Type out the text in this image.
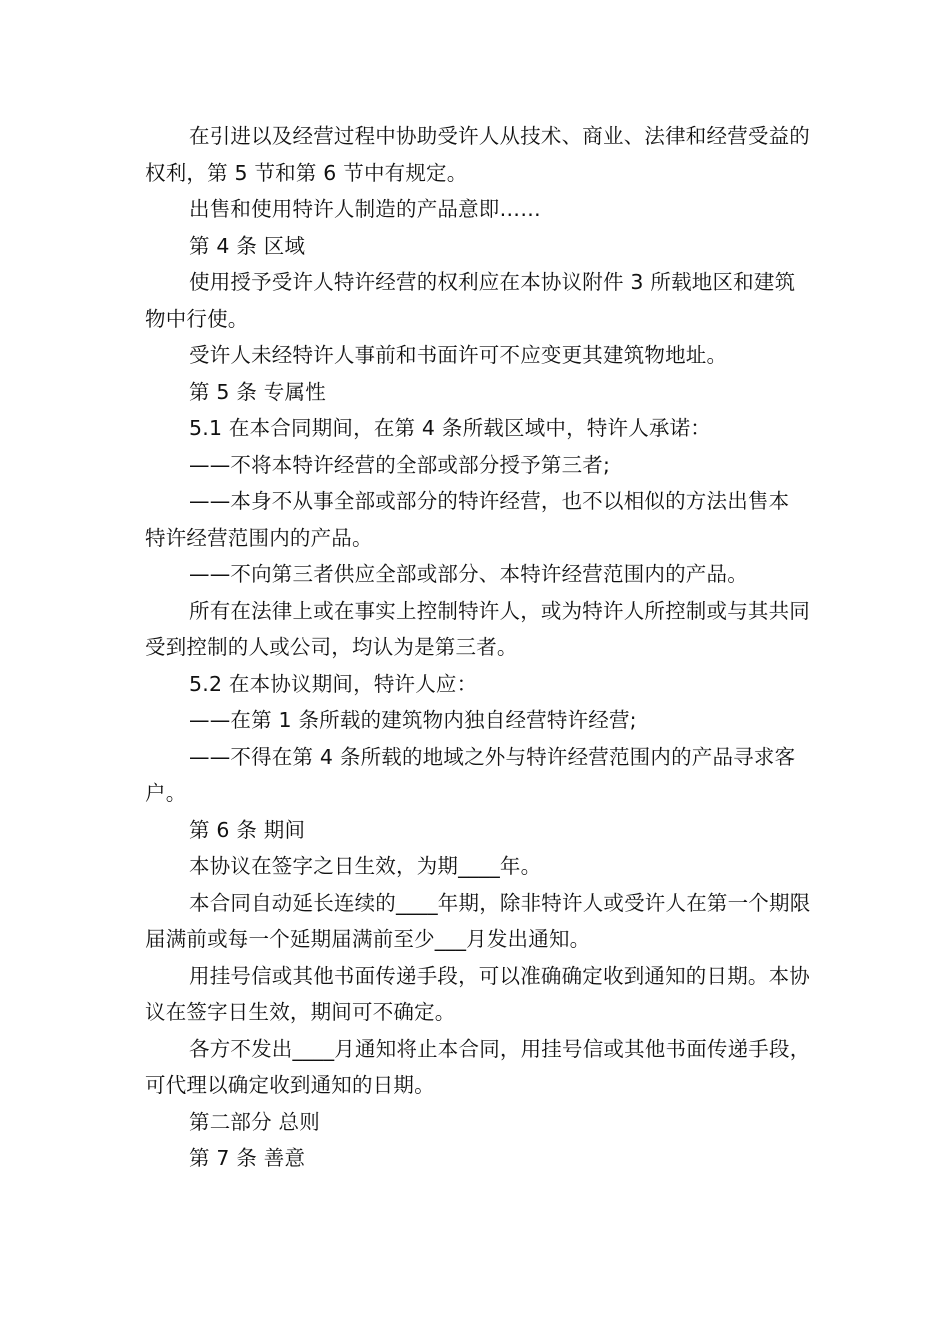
在引进以及经营过程中协助受许人从技术、商业、法律和经营受益的权利，第 5 节和第 6 节中有规定。

出售和使用特许人制造的产品意即……

第 4 条 区域

使用授予受许人特许经营的权利应在本协议附件 3 所载地区和建筑物中行使。

受许人未经特许人事前和书面许可不应变更其建筑物地址。

第 5 条 专属性

5.1 在本合同期间，在第 4 条所载区域中，特许人承诺：

——不将本特许经营的全部或部分授予第三者;

——本身不从事全部或部分的特许经营，也不以相似的方法出售本 特许经营范围内的产品。

——不向第三者供应全部或部分、本特许经营范围内的产品。

所有在法律上或在事实上控制特许人，或为特许人所控制或与其共同受到控制的人或公司，均认为是第三者。

5.2 在本协议期间，特许人应：

——在第 1 条所载的建筑物内独自经营特许经营;

——不得在第 4 条所载的地域之外与特许经营范围内的产品寻求客户。

第 6 条 期间

本协议在签字之日生效，为期____年。

本合同自动延长连续的____年期，除非特许人或受许人在第一个期限届满前或每一个延期届满前至少___月发出通知。

用挂号信或其他书面传递手段，可以准确确定收到通知的日期。本协议在签字日生效，期间可不确定。

各方不发出____月通知将止本合同，用挂号信或其他书面传递手段，可代理以确定收到通知的日期。

第二部分 总则

第 7 条 善意
